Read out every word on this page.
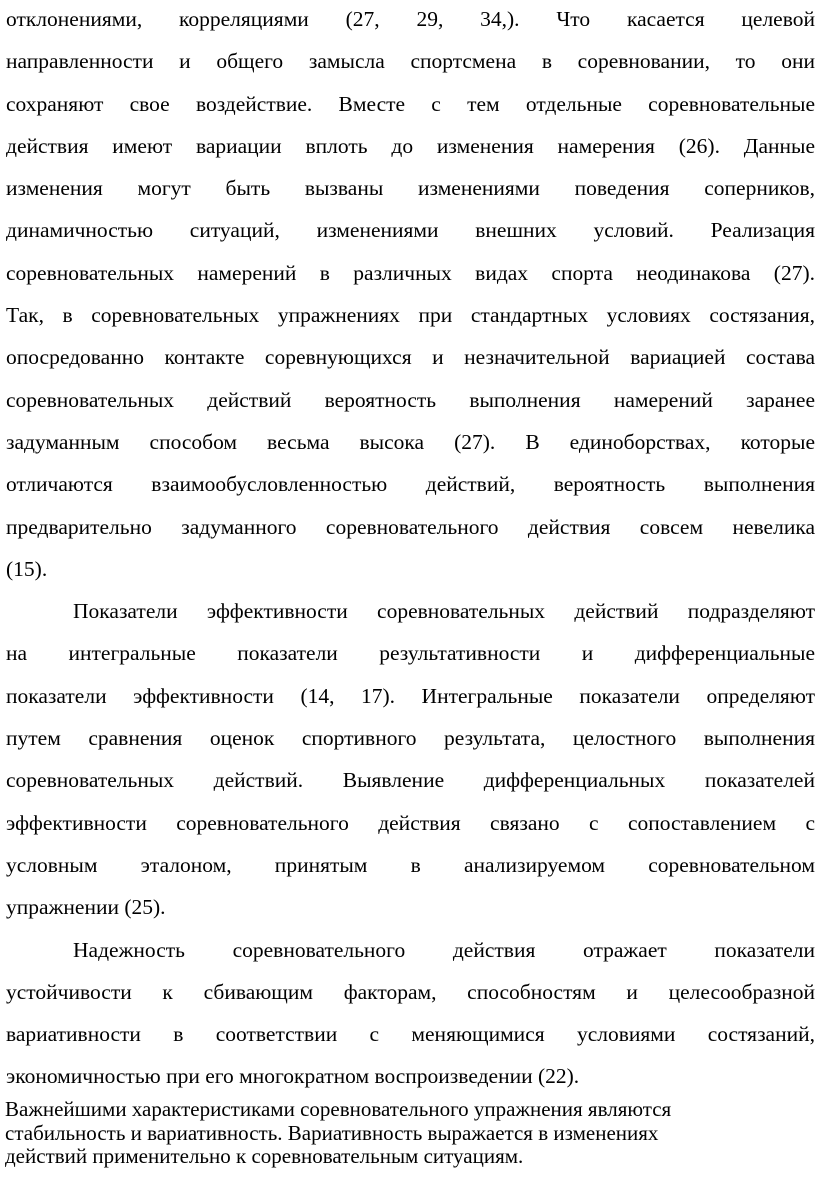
отклонениями, корреляциями (27, 29, 34,). Что касается целевой
направленности и общего замысла спортсмена в соревновании, то они
сохраняют свое воздействие. Вместе с тем отдельные соревновательные
действия имеют вариации вплоть до изменения намерения (26). Данные
изменения могут быть вызваны изменениями поведения соперников,
динамичностью ситуаций, изменениями внешних условий. Реализация
соревновательных намерений в различных видах спорта неодинакова (27).
Так, в соревновательных упражнениях при стандартных условиях состязания,
опосредованно контакте соревнующихся и незначительной вариацией состава
соревновательных действий вероятность выполнения намерений заранее
задуманным способом весьма высока (27). В единоборствах, которые
отличаются взаимообусловленностью действий, вероятность выполнения
предварительно задуманного соревновательного действия совсем невелика
(15).
Показатели эффективности соревновательных действий подразделяют
на интегральные показатели результативности и дифференциальные
показатели эффективности (14, 17). Интегральные показатели определяют
путем сравнения оценок спортивного результата, целостного выполнения
соревновательных действий. Выявление дифференциальных показателей
эффективности соревновательного действия связано с сопоставлением с
условным эталоном, принятым в анализируемом соревновательном
упражнении (25).
Надежность соревновательного действия отражает показатели
устойчивости к сбивающим факторам, способностям и целесообразной
вариативности в соответствии с меняющимися условиями состязаний,
экономичностью при его многократном воспроизведении (22).
Важнейшими характеристиками соревновательного упражнения являются
стабильность и вариативность. Вариативность выражается в изменениях
действий применительно к соревновательным ситуациям.
